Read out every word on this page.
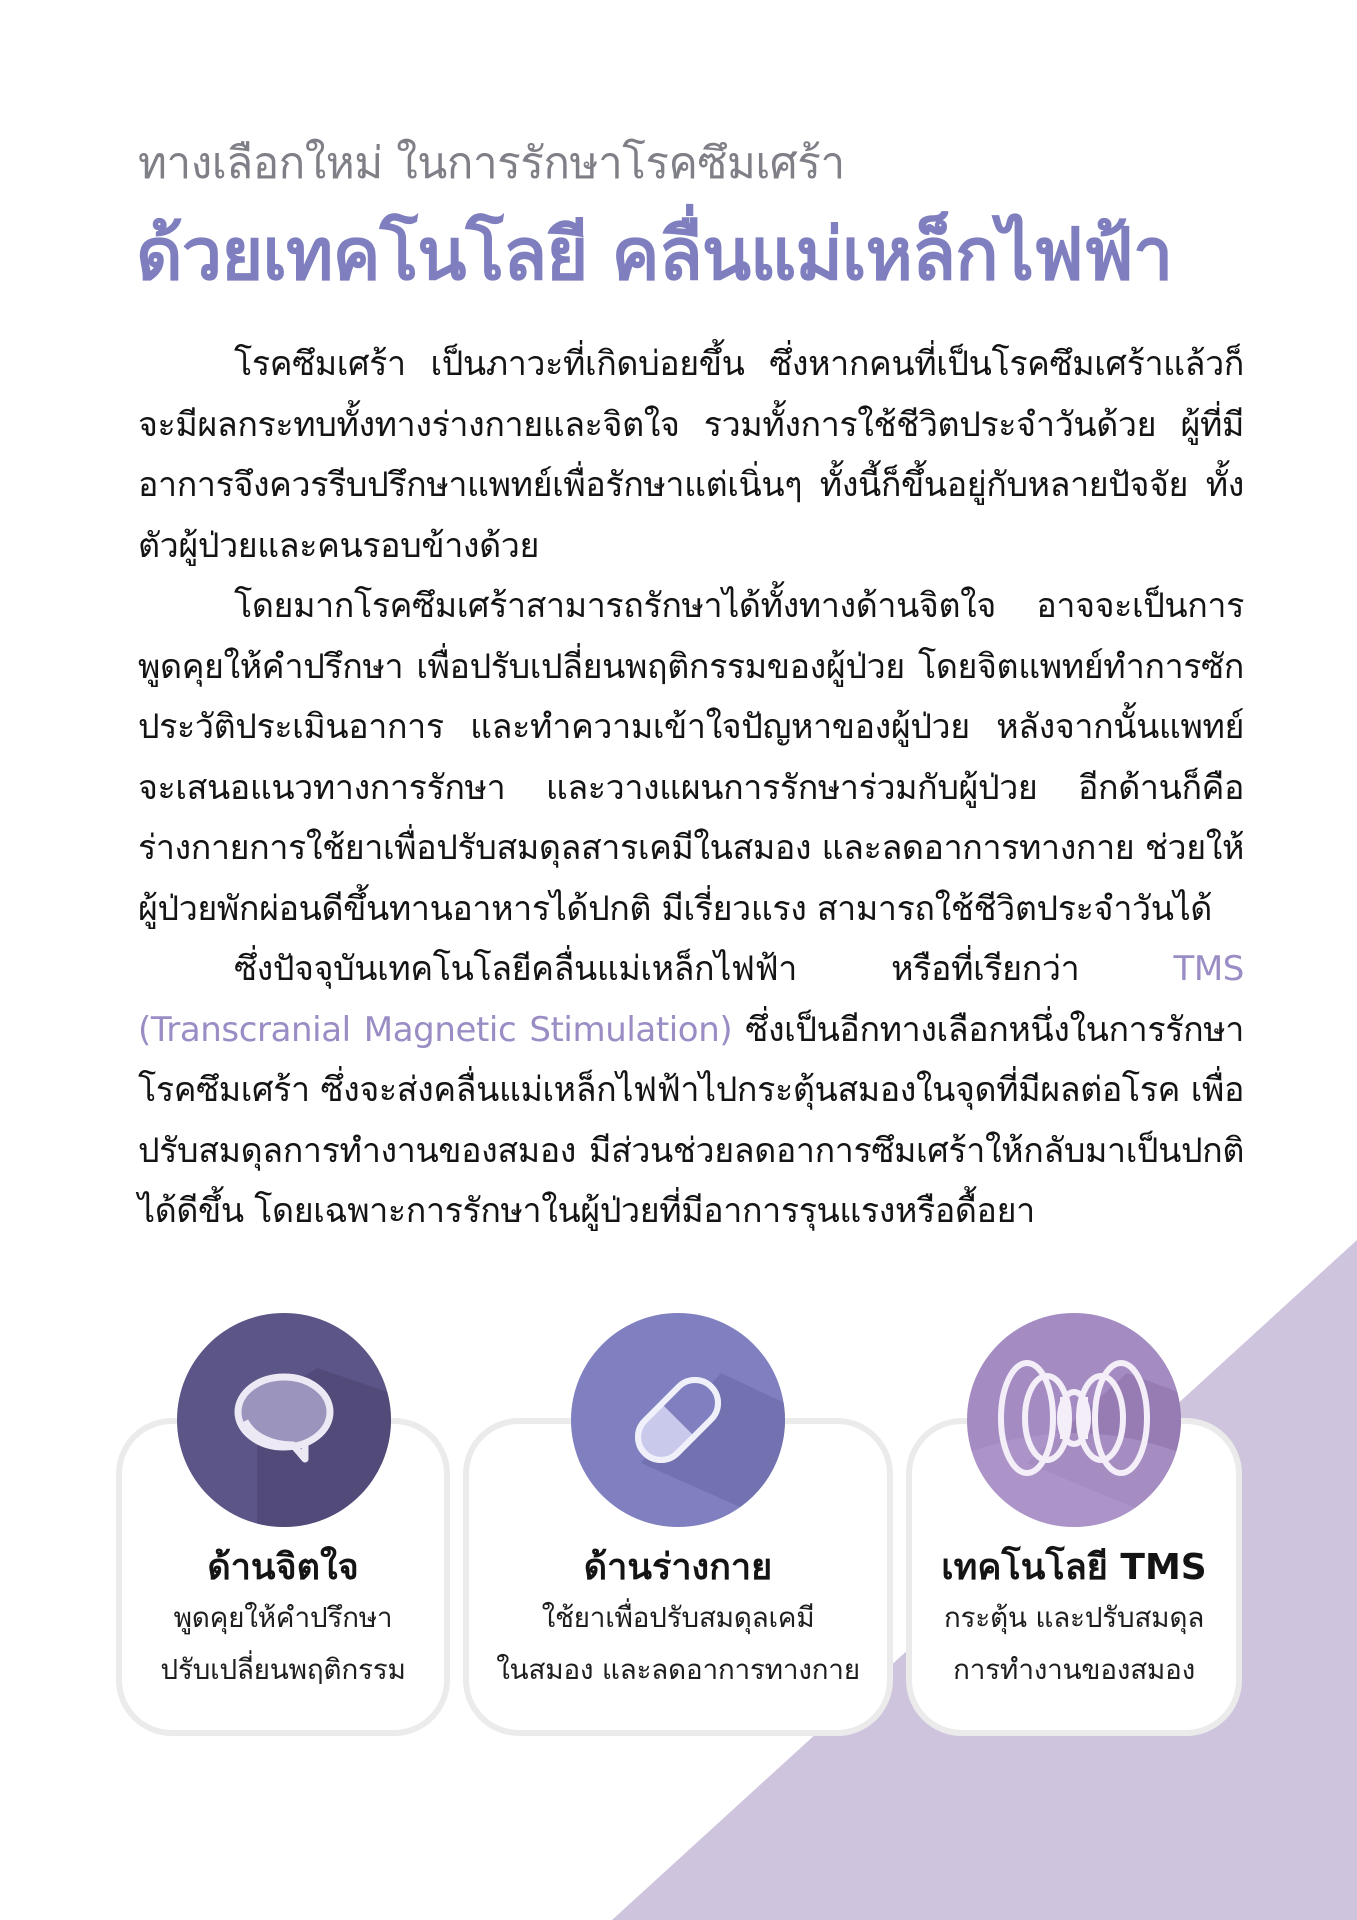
ทางเลือกใหม่ ในการรักษาโรคซึมเศร้า
ด้วยเทคโนโลยี คลื่นแม่เหล็กไฟฟ้า

โรคซึมเศร้า เป็นภาวะที่เกิดบ่อยขึ้น ซึ่งหากคนที่เป็นโรคซึมเศร้าแล้วก็จะมีผลกระทบทั้งทางร่างกายและจิตใจ รวมทั้งการใช้ชีวิตประจำวันด้วย ผู้ที่มีอาการจึงควรรีบปรึกษาแพทย์เพื่อรักษาแต่เนิ่นๆ ทั้งนี้ก็ขึ้นอยู่กับหลายปัจจัย ทั้งตัวผู้ป่วยและคนรอบข้างด้วย

โดยมากโรคซึมเศร้าสามารถรักษาได้ทั้งทางด้านจิตใจ อาจจะเป็นการพูดคุยให้คำปรึกษา เพื่อปรับเปลี่ยนพฤติกรรมของผู้ป่วย โดยจิตแพทย์ทำการซักประวัติประเมินอาการ และทำความเข้าใจปัญหาของผู้ป่วย หลังจากนั้นแพทย์จะเสนอแนวทางการรักษา และวางแผนการรักษาร่วมกับผู้ป่วย อีกด้านก็คือร่างกายการใช้ยาเพื่อปรับสมดุลสารเคมีในสมอง และลดอาการทางกาย ช่วยให้ผู้ป่วยพักผ่อนดีขึ้นทานอาหารได้ปกติ มีเรี่ยวแรง สามารถใช้ชีวิตประจำวันได้

ซึ่งปัจจุบันเทคโนโลยีคลื่นแม่เหล็กไฟฟ้า หรือที่เรียกว่า TMS (Transcranial Magnetic Stimulation) ซึ่งเป็นอีกทางเลือกหนึ่งในการรักษาโรคซึมเศร้า ซึ่งจะส่งคลื่นแม่เหล็กไฟฟ้าไปกระตุ้นสมองในจุดที่มีผลต่อโรค เพื่อปรับสมดุลการทำงานของสมอง มีส่วนช่วยลดอาการซึมเศร้าให้กลับมาเป็นปกติได้ดีขึ้น โดยเฉพาะการรักษาในผู้ป่วยที่มีอาการรุนแรงหรือดื้อยา

ด้านจิตใจ
พูดคุยให้คำปรึกษา
ปรับเปลี่ยนพฤติกรรม
ด้านร่างกาย
ใช้ยาเพื่อปรับสมดุลเคมี
ในสมอง และลดอาการทางกาย
เทคโนโลยี TMS
กระตุ้น และปรับสมดุล
การทำงานของสมอง
